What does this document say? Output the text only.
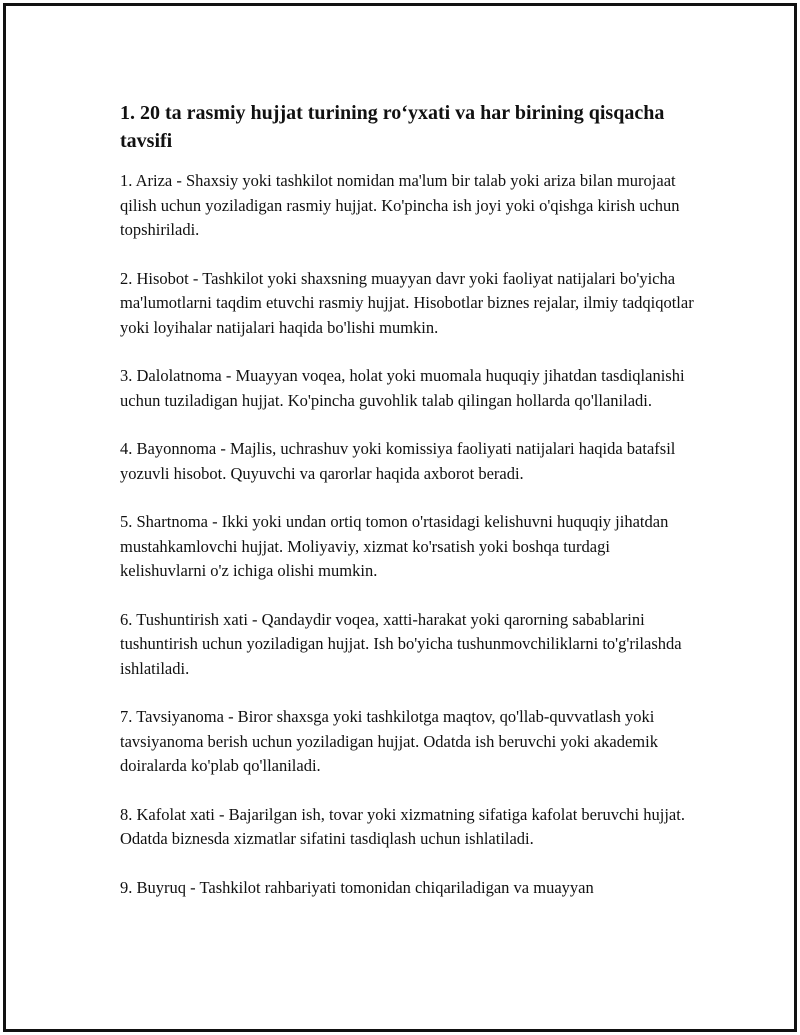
1. 20 ta rasmiy hujjat turining ro‘yxati va har birining qisqacha tavsifi

1. Ariza - Shaxsiy yoki tashkilot nomidan ma'lum bir talab yoki ariza bilan murojaat qilish uchun yoziladigan rasmiy hujjat. Ko'pincha ish joyi yoki o'qishga kirish uchun topshiriladi.

2. Hisobot - Tashkilot yoki shaxsning muayyan davr yoki faoliyat natijalari bo'yicha ma'lumotlarni taqdim etuvchi rasmiy hujjat. Hisobotlar biznes rejalar, ilmiy tadqiqotlar yoki loyihalar natijalari haqida bo'lishi mumkin.

3. Dalolatnoma - Muayyan voqea, holat yoki muomala huquqiy jihatdan tasdiqlanishi uchun tuziladigan hujjat. Ko'pincha guvohlik talab qilingan hollarda qo'llaniladi.

4. Bayonnoma - Majlis, uchrashuv yoki komissiya faoliyati natijalari haqida batafsil yozuvli hisobot. Quyuvchi va qarorlar haqida axborot beradi.

5. Shartnoma - Ikki yoki undan ortiq tomon o'rtasidagi kelishuvni huquqiy jihatdan mustahkamlovchi hujjat. Moliyaviy, xizmat ko'rsatish yoki boshqa turdagi kelishuvlarni o'z ichiga olishi mumkin.

6. Tushuntirish xati - Qandaydir voqea, xatti-harakat yoki qarorning sabablarini tushuntirish uchun yoziladigan hujjat. Ish bo'yicha tushunmovchiliklarni to'g'rilashda ishlatiladi.

7. Tavsiyanoma - Biror shaxsga yoki tashkilotga maqtov, qo'llab-quvvatlash yoki tavsiyanoma berish uchun yoziladigan hujjat. Odatda ish beruvchi yoki akademik doiralarda ko'plab qo'llaniladi.

8. Kafolat xati - Bajarilgan ish, tovar yoki xizmatning sifatiga kafolat beruvchi hujjat. Odatda biznesda xizmatlar sifatini tasdiqlash uchun ishlatiladi.

9. Buyruq - Tashkilot rahbariyati tomonidan chiqariladigan va muayyan
